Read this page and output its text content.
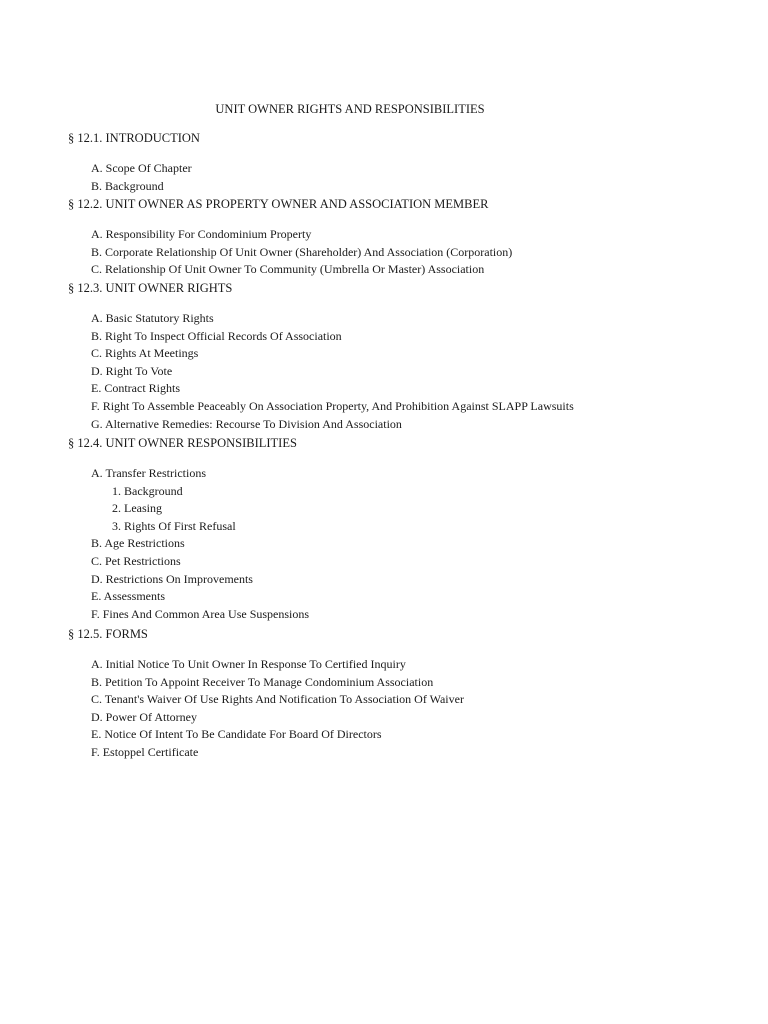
UNIT OWNER RIGHTS AND RESPONSIBILITIES
§ 12.1. INTRODUCTION
A. Scope Of Chapter
B. Background
§ 12.2. UNIT OWNER AS PROPERTY OWNER AND ASSOCIATION MEMBER
A. Responsibility For Condominium Property
B. Corporate Relationship Of Unit Owner (Shareholder) And Association (Corporation)
C. Relationship Of Unit Owner To Community (Umbrella Or Master) Association
§ 12.3. UNIT OWNER RIGHTS
A. Basic Statutory Rights
B. Right To Inspect Official Records Of Association
C. Rights At Meetings
D. Right To Vote
E. Contract Rights
F. Right To Assemble Peaceably On Association Property, And Prohibition Against SLAPP Lawsuits
G. Alternative Remedies: Recourse To Division And Association
§ 12.4. UNIT OWNER RESPONSIBILITIES
A. Transfer Restrictions
1. Background
2. Leasing
3. Rights Of First Refusal
B. Age Restrictions
C. Pet Restrictions
D. Restrictions On Improvements
E. Assessments
F. Fines And Common Area Use Suspensions
§ 12.5. FORMS
A. Initial Notice To Unit Owner In Response To Certified Inquiry
B. Petition To Appoint Receiver To Manage Condominium Association
C. Tenant's Waiver Of Use Rights And Notification To Association Of Waiver
D. Power Of Attorney
E. Notice Of Intent To Be Candidate For Board Of Directors
F. Estoppel Certificate
